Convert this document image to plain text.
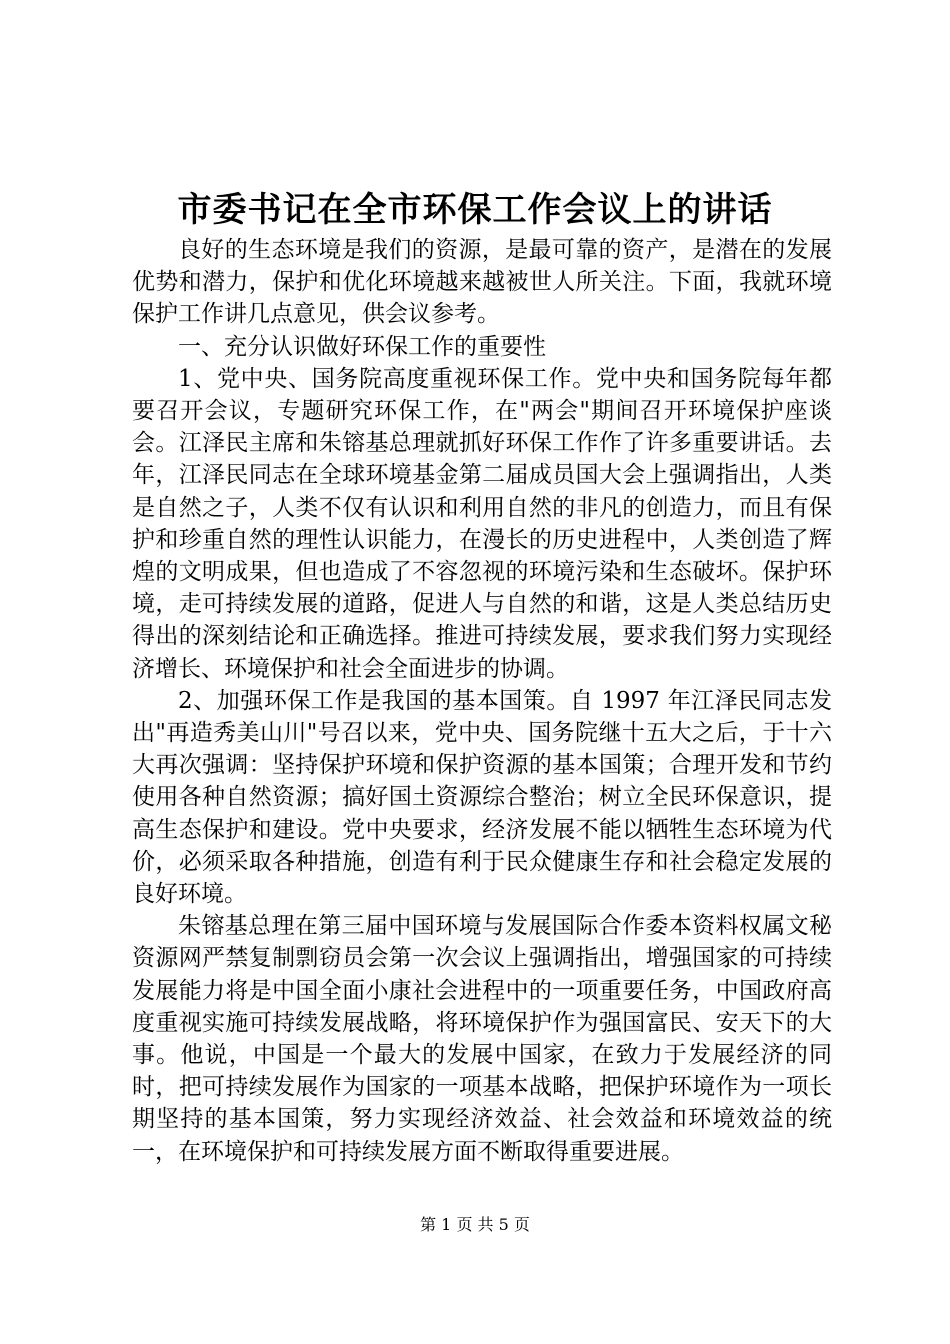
市委书记在全市环保工作会议上的讲话

良好的生态环境是我们的资源，是最可靠的资产，是潜在的发展优势和潜力，保护和优化环境越来越被世人所关注。下面，我就环境保护工作讲几点意见，供会议参考。

一、充分认识做好环保工作的重要性

1、党中央、国务院高度重视环保工作。党中央和国务院每年都要召开会议，专题研究环保工作，在"两会"期间召开环境保护座谈会。江泽民主席和朱镕基总理就抓好环保工作作了许多重要讲话。去年，江泽民同志在全球环境基金第二届成员国大会上强调指出，人类是自然之子，人类不仅有认识和利用自然的非凡的创造力，而且有保护和珍重自然的理性认识能力，在漫长的历史进程中，人类创造了辉煌的文明成果，但也造成了不容忽视的环境污染和生态破坏。保护环境，走可持续发展的道路，促进人与自然的和谐，这是人类总结历史得出的深刻结论和正确选择。推进可持续发展，要求我们努力实现经济增长、环境保护和社会全面进步的协调。

2、加强环保工作是我国的基本国策。自 1997 年江泽民同志发出"再造秀美山川"号召以来，党中央、国务院继十五大之后，于十六大再次强调：坚持保护环境和保护资源的基本国策；合理开发和节约使用各种自然资源；搞好国土资源综合整治；树立全民环保意识，提高生态保护和建设。党中央要求，经济发展不能以牺牲生态环境为代价，必须采取各种措施，创造有利于民众健康生存和社会稳定发展的良好环境。

朱镕基总理在第三届中国环境与发展国际合作委本资料权属文秘资源网严禁复制剽窃员会第一次会议上强调指出，增强国家的可持续发展能力将是中国全面小康社会进程中的一项重要任务，中国政府高度重视实施可持续发展战略，将环境保护作为强国富民、安天下的大事。他说，中国是一个最大的发展中国家，在致力于发展经济的同时，把可持续发展作为国家的一项基本战略，把保护环境作为一项长期坚持的基本国策，努力实现经济效益、社会效益和环境效益的统一，在环境保护和可持续发展方面不断取得重要进展。

第 1 页 共 5 页
